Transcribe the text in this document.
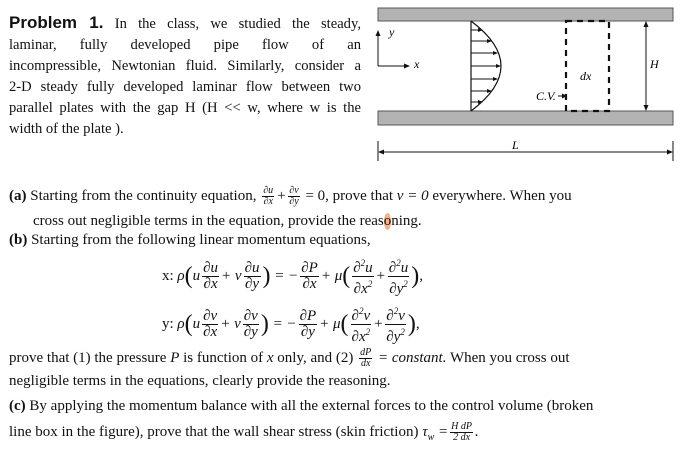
Problem 1. In the class, we studied the steady,
laminar, fully developed pipe flow of an
incompressible, Newtonian fluid. Similarly, consider a
2-D steady fully developed laminar flow between two
parallel plates with the gap H (H << w, where w is the
width of the plate ).
y
x
dx
C.V.
H
L
(a) Starting from the continuity equation, $\frac{\partial u}{\partial x} + \frac{\partial v}{\partial y} = 0$, prove that v = 0 everywhere. When you
cross out negligible terms in the equation, provide the reasoning.
(b) Starting from the following linear momentum equations,
x: $\rho(u \frac{\partial u}{\partial x} + v \frac{\partial u}{\partial y}$ ) = − $\frac{\partial P}{\partial x} + \mu( \frac{\partial^2u}{\partial x^2} + \frac{\partial^2u}{\partial y^2}$ ),
y: $\rho(u \frac{\partial v}{\partial x} + v \frac{\partial v}{\partial y}$ ) = − $\frac{\partial P}{\partial y} + \mu( \frac{\partial^2v}{\partial x^2} + \frac{\partial^2v}{\partial y^2}$ ),
prove that (1) the pressure P is function of x only, and $(2) \frac{dP}{dx}$ = constant. When you cross out
negligible terms in the equations, clearly provide the reasoning.
(c) By applying the momentum balance with all the external forces to the control volume (broken
line box in the figure), prove that the wall shear stress (skin friction) $\tau_w = \frac{\text{H dP}}{2 dx}$ .
